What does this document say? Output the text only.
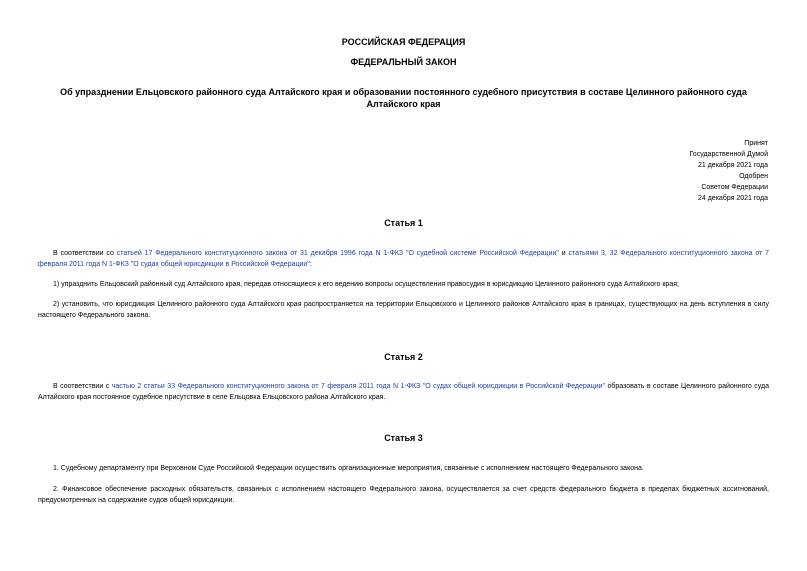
РОССИЙСКАЯ ФЕДЕРАЦИЯ
ФЕДЕРАЛЬНЫЙ ЗАКОН
Об упразднении Ельцовского районного суда Алтайского края и образовании постоянного судебного присутствия в составе Целинного районного суда Алтайского края
Принят
Государственной Думой
21 декабря 2021 года
Одобрен
Советом Федерации
24 декабря 2021 года
Статья 1

В соответствии со статьей 17 Федерального конституционного закона от 31 декабря 1996 года N 1-ФКЗ "О судебной системе Российской Федерации" и статьями 3, 32 Федерального конституционного закона от 7 февраля 2011 года N 1-ФКЗ "О судах общей юрисдикции в Российской Федерации":

1) упразднить Ельцовский районный суд Алтайского края, передав относящиеся к его ведению вопросы осуществления правосудия в юрисдикцию Целинного районного суда Алтайского края;

2) установить, что юрисдикция Целинного районного суда Алтайского края распространяется на территории Ельцовского и Целинного районов Алтайского края в границах, существующих на день вступления в силу настоящего Федерального закона.

Статья 2

В соответствии с частью 2 статьи 33 Федерального конституционного закона от 7 февраля 2011 года N 1-ФКЗ "О судах общей юрисдикции в Российской Федерации" образовать в составе Целинного районного суда Алтайского края постоянное судебное присутствие в селе Ельцовка Ельцовского района Алтайского края.

Статья 3

1. Судебному департаменту при Верховном Суде Российской Федерации осуществить организационные мероприятия, связанные с исполнением настоящего Федерального закона.

2. Финансовое обеспечение расходных обязательств, связанных с исполнением настоящего Федерального закона, осуществляется за счет средств федерального бюджета в пределах бюджетных ассигнований, предусмотренных на содержание судов общей юрисдикции.
